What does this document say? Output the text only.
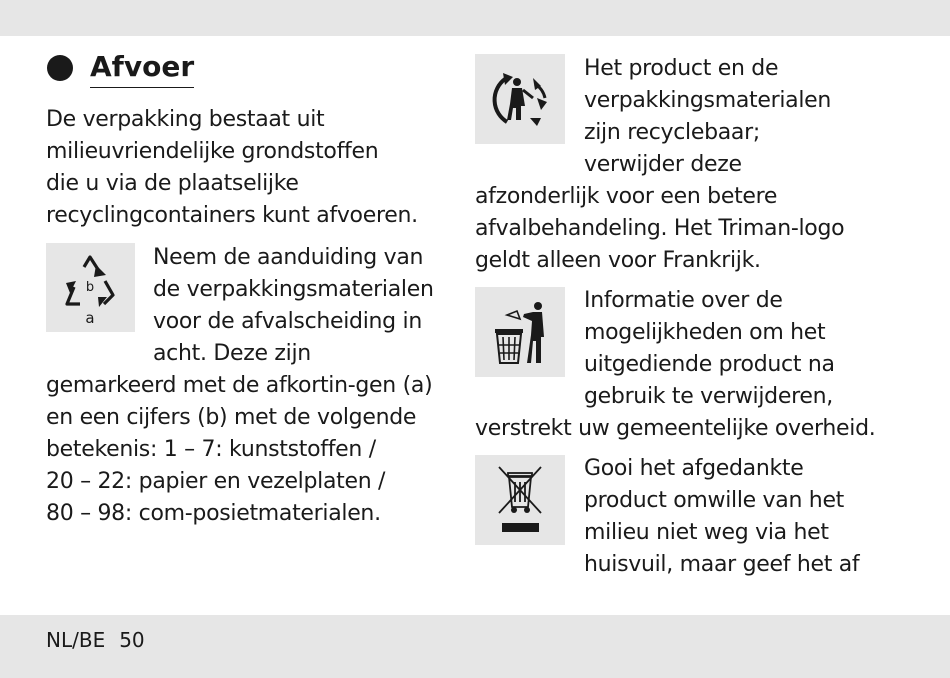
Afvoer
De verpakking bestaat uit
milieuvriendelijke grondstoffen
die u via de plaatselijke
recyclingcontainers kunt afvoeren.
b
a
Neem de aanduiding van
de verpakkingsmaterialen
voor de afvalscheiding in
acht. Deze zijn
gemarkeerd met de afkortin-gen (a)
en een cijfers (b) met de volgende
betekenis: 1 – 7: kunststoffen /
20 – 22: papier en vezelplaten /
80 – 98: com-posietmaterialen.
Het product en de
verpakkingsmaterialen
zijn recyclebaar;
verwijder deze
afzonderlijk voor een betere
afvalbehandeling. Het Triman-logo
geldt alleen voor Frankrijk.
Informatie over de
mogelijkheden om het
uitgediende product na
gebruik te verwijderen,
verstrekt uw gemeentelijke overheid.
Gooi het afgedankte
product omwille van het
milieu niet weg via het
huisvuil, maar geef het af
NL/BE 50
